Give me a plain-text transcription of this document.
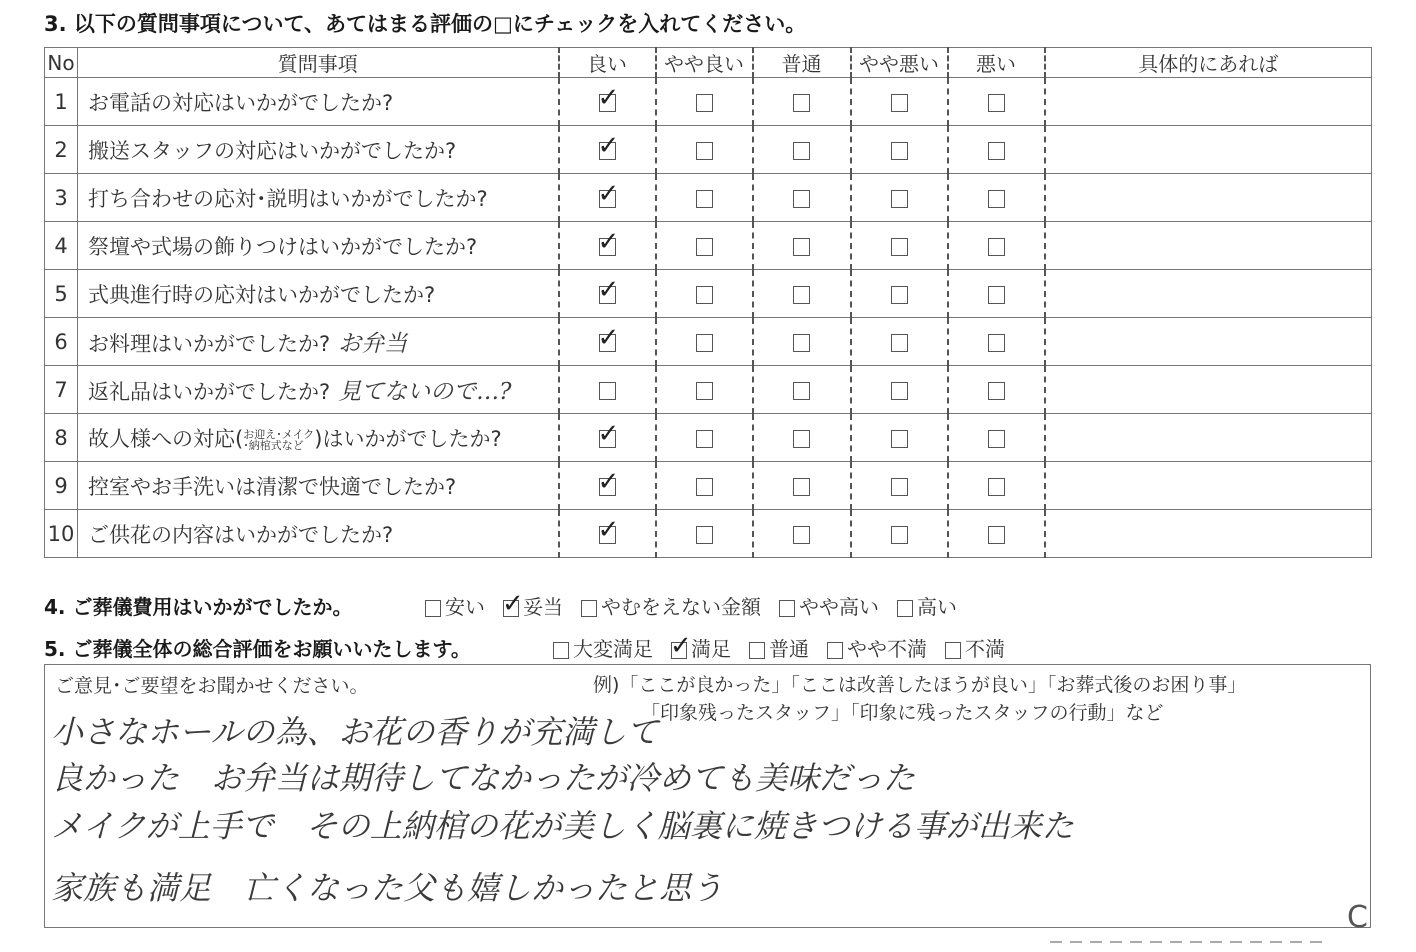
3. 以下の質問事項について、あてはまる評価の□にチェックを入れてください。
No	質問事項	良い	やや良い	普通	やや悪い	悪い	具体的にあれば
1	お電話の対応はいかがでしたか?	✓					

2	搬送スタッフの対応はいかがでしたか?	✓					

3	打ち合わせの応対･説明はいかがでしたか?	✓					

4	祭壇や式場の飾りつけはいかがでしたか?	✓					

5	式典進行時の応対はいかがでしたか?	✓					

6	お料理はいかがでしたか? お弁当	✓					

7	返礼品はいかがでしたか? 見てないので…?						
8	故人様への対応( お迎え･メイク
･納棺式など )はいかがでしたか?	✓					

9	控室やお手洗いは清潔で快適でしたか?	✓					

10	ご供花の内容はいかがでしたか?	✓					

4. ご葬儀費用はいかがでしたか。	安い ✓ 妥当 やむをえない金額 やや高い 高い
5. ご葬儀全体の総合評価をお願いいたします。	大変満足 ✓ 満足 普通 やや不満 不満
ご意見･ご要望をお聞かせください。	例)「ここが良かった」「ここは改善したほうが良い」「お葬式後のお困り事」
「印象残ったスタッフ」「印象に残ったスタッフの行動」など
小さなホールの為、お花の香りが充満して
良かった　お弁当は期待してなかったが冷めても美味だった
メイクが上手で　その上納棺の花が美しく脳裏に焼きつける事が出来た
家族も満足　亡くなった父も嬉しかったと思う
С
